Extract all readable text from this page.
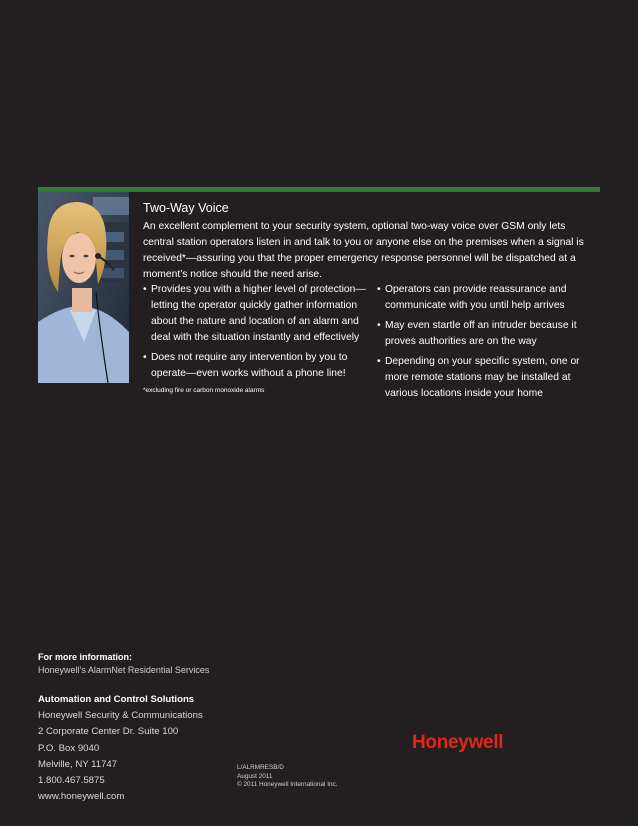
Two-Way Voice
An excellent complement to your security system, optional two-way voice over GSM only lets central station operators listen in and talk to you or anyone else on the premises when a signal is received*—assuring you that the proper emergency response personnel will be dispatched at a moment’s notice should the need arise.
• Provides you with a higher level of protection—letting the operator quickly gather information about the nature and location of an alarm and deal with the situation instantly and effectively
• Does not require any intervention by you to operate—even works without a phone line!
• Operators can provide reassurance and communicate with you until help arrives
• May even startle off an intruder because it proves authorities are on the way
• Depending on your specific system, one or more remote stations may be installed at various locations inside your home
*excluding fire or carbon monoxide alarms
For more information:
Honeywell’s AlarmNet Residential Services
Automation and Control Solutions
Honeywell Security & Communications
2 Corporate Center Dr. Suite 100
P.O. Box 9040
Melville, NY 11747
1.800.467.5875
www.honeywell.com
L/ALRMRESB/D
August 2011
© 2011 Honeywell International Inc.
Honeywell
